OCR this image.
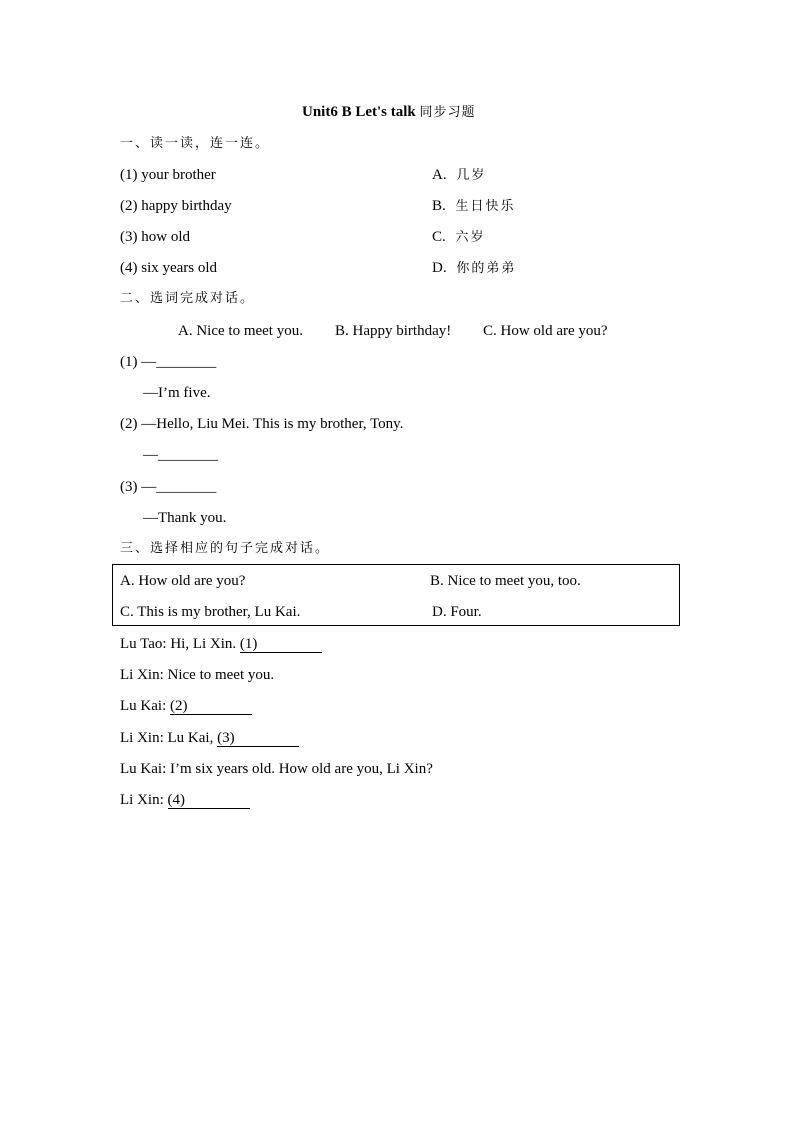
Unit6 B Let's talk 同步习题
一、读一读，连一连。
(1) your brother
(2) happy birthday
(3) how old
(4) six years old
A. 几岁
B. 生日快乐
C. 六岁
D. 你的弟弟
二、选词完成对话。
A. Nice to meet you. B. Happy birthday! C. How old are you?
(1) —________
—I’m five.
(2) —Hello, Liu Mei. This is my brother, Tony.
—________
(3) —________
—Thank you.
三、选择相应的句子完成对话。
A. How old are you?	B. Nice to meet you, too.
C. This is my brother, Lu Kai.	D. Four.
Lu Tao: Hi, Li Xin. (1)
Li Xin: Nice to meet you.
Lu Kai: (2)
Li Xin: Lu Kai, (3)
Lu Kai: I’m six years old. How old are you, Li Xin?
Li Xin: (4)
